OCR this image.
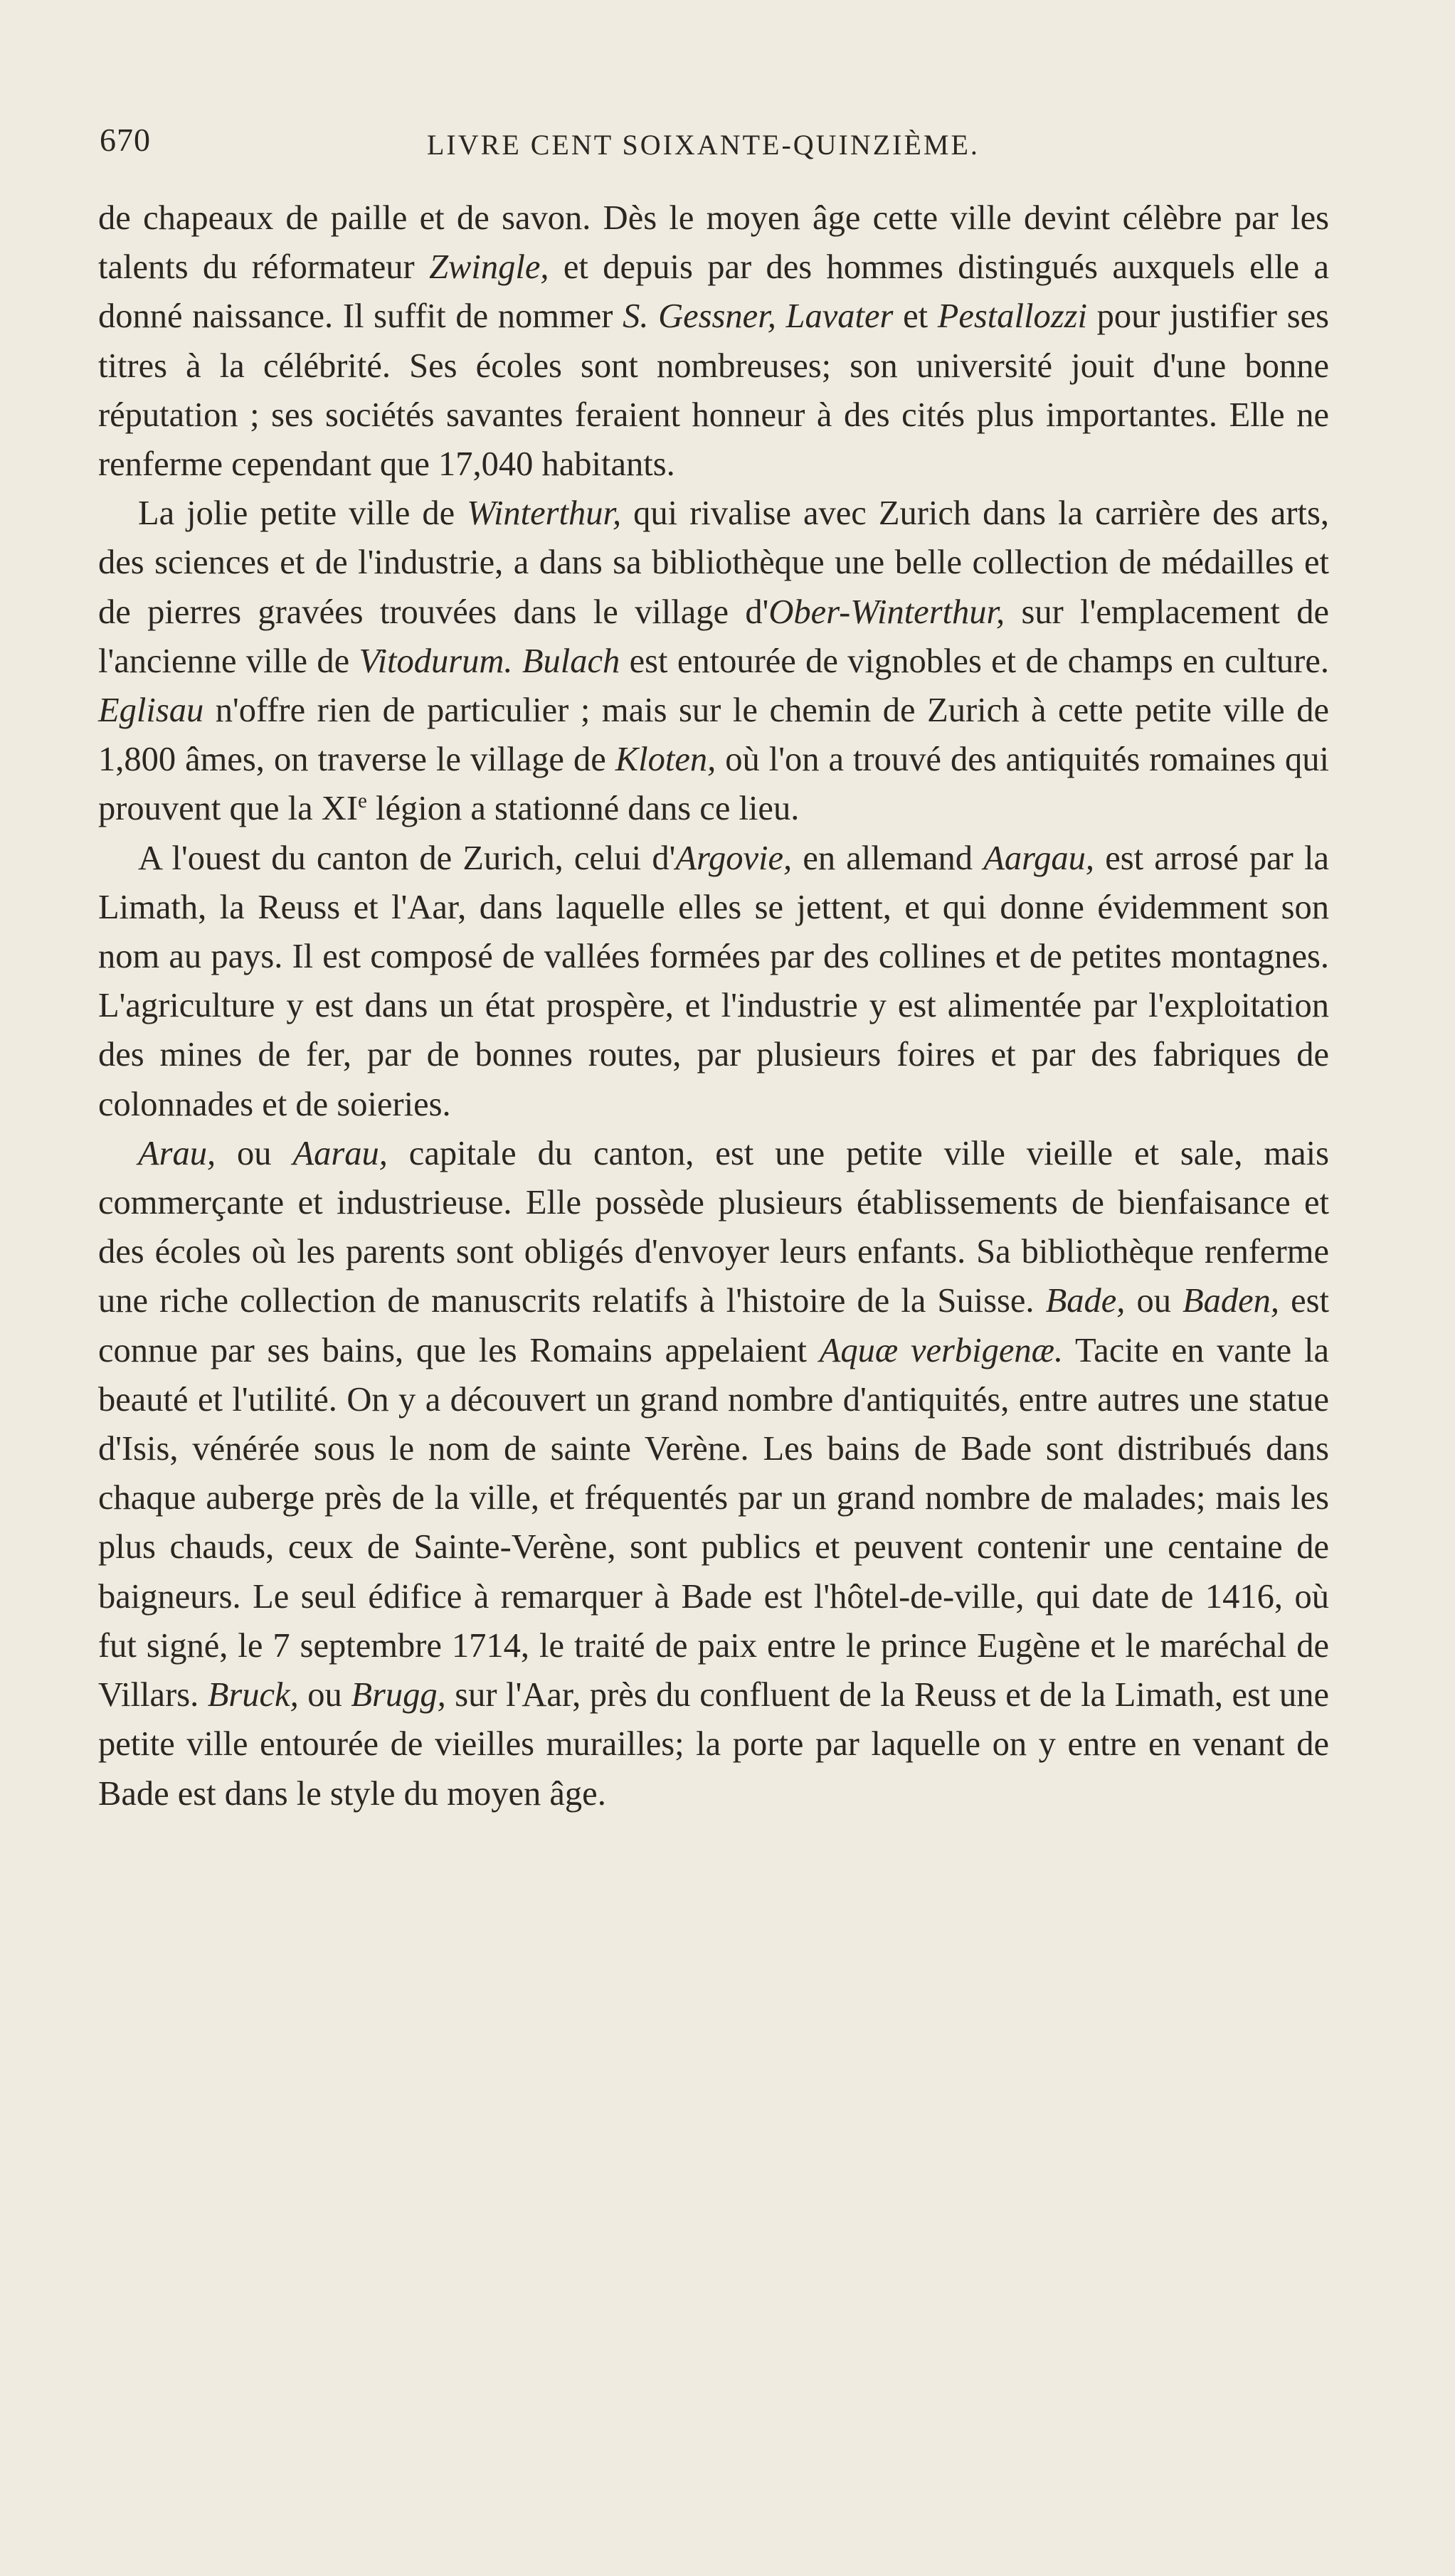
670	LIVRE CENT SOIXANTE-QUINZIÈME.

de chapeaux de paille et de savon. Dès le moyen âge cette ville devint célèbre par les talents du réformateur Zwingle, et depuis par des hommes distingués auxquels elle a donné naissance. Il suffit de nommer S. Gessner, Lavater et Pestallozzi pour justifier ses titres à la célébrité. Ses écoles sont nombreuses; son université jouit d'une bonne réputation ; ses sociétés savantes feraient honneur à des cités plus importantes. Elle ne renferme cependant que 17,040 habitants.

La jolie petite ville de Winterthur, qui rivalise avec Zurich dans la carrière des arts, des sciences et de l'industrie, a dans sa bibliothèque une belle collection de médailles et de pierres gravées trouvées dans le village d'Ober-Winterthur, sur l'emplacement de l'ancienne ville de Vitodurum. Bulach est entourée de vignobles et de champs en culture. Eglisau n'offre rien de particulier ; mais sur le chemin de Zurich à cette petite ville de 1,800 âmes, on traverse le village de Kloten, où l'on a trouvé des antiquités romaines qui prouvent que la XIe légion a stationné dans ce lieu.

A l'ouest du canton de Zurich, celui d'Argovie, en allemand Aargau, est arrosé par la Limath, la Reuss et l'Aar, dans laquelle elles se jettent, et qui donne évidemment son nom au pays. Il est composé de vallées formées par des collines et de petites montagnes. L'agriculture y est dans un état prospère, et l'industrie y est alimentée par l'exploitation des mines de fer, par de bonnes routes, par plusieurs foires et par des fabriques de colonnades et de soieries.

Arau, ou Aarau, capitale du canton, est une petite ville vieille et sale, mais commerçante et industrieuse. Elle possède plusieurs établissements de bienfaisance et des écoles où les parents sont obligés d'envoyer leurs enfants. Sa bibliothèque renferme une riche collection de manuscrits relatifs à l'histoire de la Suisse. Bade, ou Baden, est connue par ses bains, que les Romains appelaient Aquæ verbigenæ. Tacite en vante la beauté et l'utilité. On y a découvert un grand nombre d'antiquités, entre autres une statue d'Isis, vénérée sous le nom de sainte Verène. Les bains de Bade sont distribués dans chaque auberge près de la ville, et fréquentés par un grand nombre de malades; mais les plus chauds, ceux de Sainte-Verène, sont publics et peuvent contenir une centaine de baigneurs. Le seul édifice à remarquer à Bade est l'hôtel-de-ville, qui date de 1416, où fut signé, le 7 septembre 1714, le traité de paix entre le prince Eugène et le maréchal de Villars. Bruck, ou Brugg, sur l'Aar, près du confluent de la Reuss et de la Limath, est une petite ville entourée de vieilles murailles; la porte par laquelle on y entre en venant de Bade est dans le style du moyen âge.
